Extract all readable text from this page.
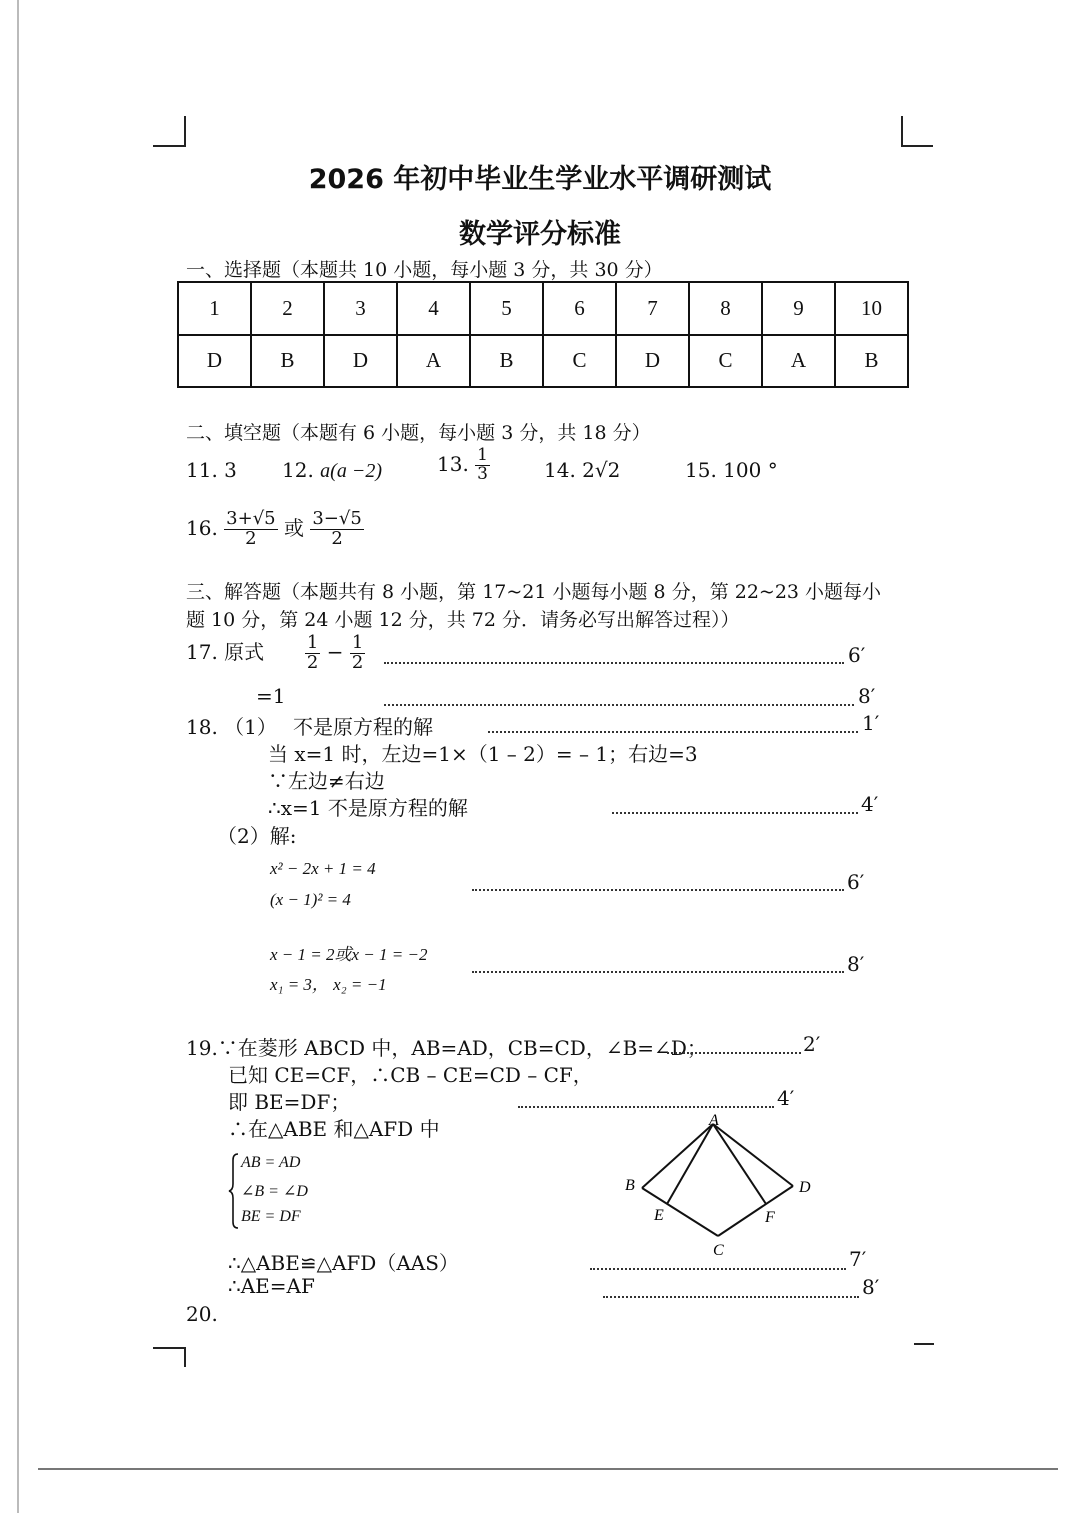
2026 年初中毕业生学业水平调研测试
数学评分标准
一、选择题（本题共 10 小题，每小题 3 分，共 30 分）
1	2	3	4	5	6	7	8	9	10
D	B	D	A	B	C	D	C	A	B
二、填空题（本题有 6 小题，每小题 3 分，共 18 分）
11. 3 12. a(a −2)	13. $\frac{1}{3}$	14. 2√2	15. 100 °
16. $\frac{3+√5}{2}$ 或 $\frac{3-√5}{2}$
三、解答题（本题共有 8 小题，第 17~21 小题每小题 8 分，第 22~23 小题每小
题 10 分，第 24 小题 12 分，共 72 分．请务必写出解答过程））
17. 原式 $\frac{1}{2} - \frac{1}{2}$	6′
=1	8′
18. （1） 不是原方程的解	1′
当 x=1 时，左边=1×（1 – 2）= – 1；右边=3
∵左边≠右边
∴x=1 不是原方程的解	4′
（2）解:
x² − 2x + 1 = 4
(x − 1)² = 4
6′
x − 1 = 2或x − 1 = −2
x₁ = 3， x₂ = −1
8′
19.∵在菱形 ABCD 中，AB=AD，CB=CD，∠B=∠D；	2′
已知 CE=CF，∴CB – CE=CD – CF，
即 BE=DF；	4′
∴在△ABE 和△AFD 中
AB = AD
∠B = ∠D
BE = DF
A
B	D
E	F
C
∴△ABE≌△AFD（AAS）	7′
∴AE=AF	8′
20.
